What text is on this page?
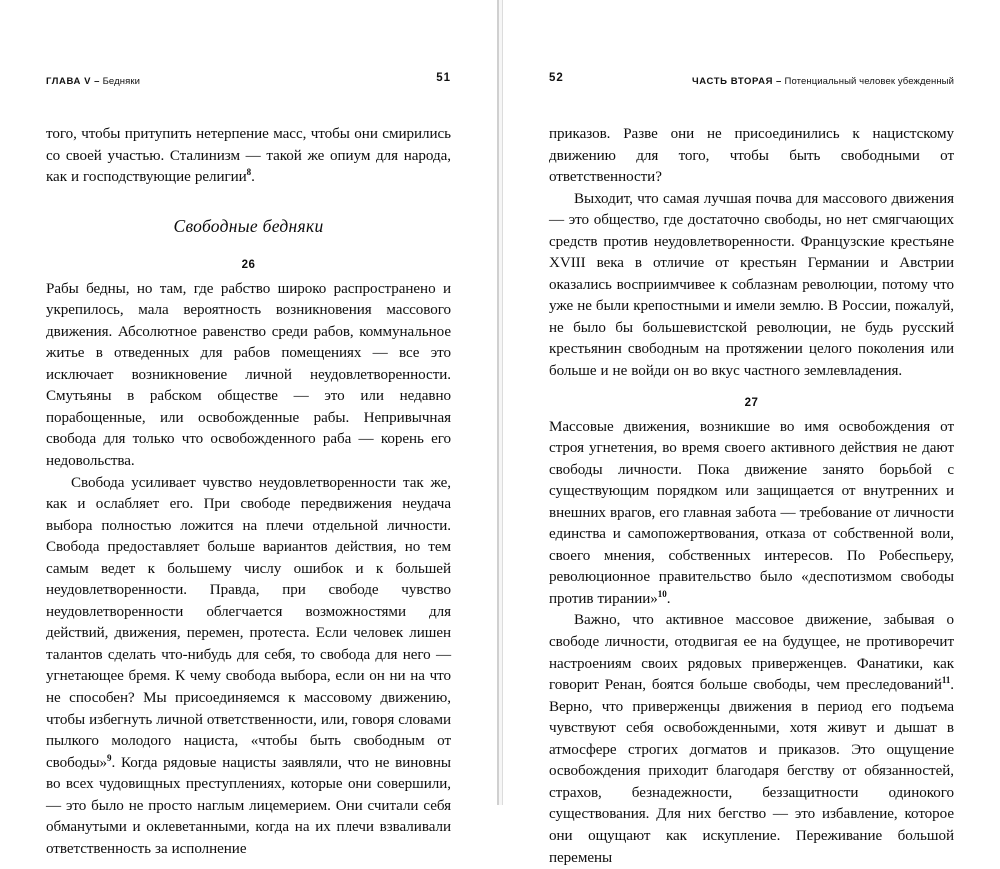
ГЛАВА V – Бедняки	51

того, чтобы притупить нетерпение масс, чтобы они смирились со своей участью. Сталинизм — такой же опиум для народа, как и господствующие религии$^8$.

Свободные бедняки
26

Рабы бедны, но там, где рабство широко распространено и укрепилось, мала вероятность возникновения массового движения. Абсолютное равенство среди рабов, коммунальное житье в отведенных для рабов помещениях — все это исключает возникновение личной неудовлетворенности. Смутьяны в рабском обществе — это или недавно порабощенные, или освобожденные рабы. Непривычная свобода для только что освобожденного раба — корень его недовольства.

Свобода усиливает чувство неудовлетворенности так же, как и ослабляет его. При свободе передвижения неудача выбора полностью ложится на плечи отдельной личности. Свобода предоставляет больше вариантов действия, но тем самым ведет к большему числу ошибок и к большей неудовлетворенности. Правда, при свободе чувство неудовлетворенности облегчается возможностями для действий, движения, перемен, протеста. Если человек лишен талантов сделать что-нибудь для себя, то свобода для него — угнетающее бремя. К чему свобода выбора, если он ни на что не способен? Мы присоединяемся к массовому движению, чтобы избегнуть личной ответственности, или, говоря словами пылкого молодого нациста, «чтобы быть свободным от свободы»$^9$. Когда рядовые нацисты заявляли, что не виновны во всех чудовищных преступлениях, которые они совершили, — это было не просто наглым лицемерием. Они считали себя обманутыми и оклеветанными, когда на их плечи взваливали ответственность за исполнение

52	ЧАСТЬ ВТОРАЯ – Потенциальный человек убежденный

приказов. Разве они не присоединились к нацистскому движению для того, чтобы быть свободными от ответственности?

Выходит, что самая лучшая почва для массового движения — это общество, где достаточно свободы, но нет смягчающих средств против неудовлетворенности. Французские крестьяне XVIII века в отличие от крестьян Германии и Австрии оказались восприимчивее к соблазнам революции, потому что уже не были крепостными и имели землю. В России, пожалуй, не было бы большевистской революции, не будь русский крестьянин свободным на протяжении целого поколения или больше и не войди он во вкус частного землевладения.

27

Массовые движения, возникшие во имя освобождения от строя угнетения, во время своего активного действия не дают свободы личности. Пока движение занято борьбой с существующим порядком или защищается от внутренних и внешних врагов, его главная забота — требование от личности единства и самопожертвования, отказа от собственной воли, своего мнения, собственных интересов. По Робеспьеру, революционное правительство было «деспотизмом свободы против тирании»$^{10}$.

Важно, что активное массовое движение, забывая о свободе личности, отодвигая ее на будущее, не противоречит настроениям своих рядовых приверженцев. Фанатики, как говорит Ренан, боятся больше свободы, чем преследований$^{11}$. Верно, что приверженцы движения в период его подъема чувствуют себя освобожденными, хотя живут и дышат в атмосфере строгих догматов и приказов. Это ощущение освобождения приходит благодаря бегству от обязанностей, страхов, безнадежности, беззащитности одинокого существования. Для них бегство — это избавление, которое они ощущают как искупление. Переживание большой перемены
